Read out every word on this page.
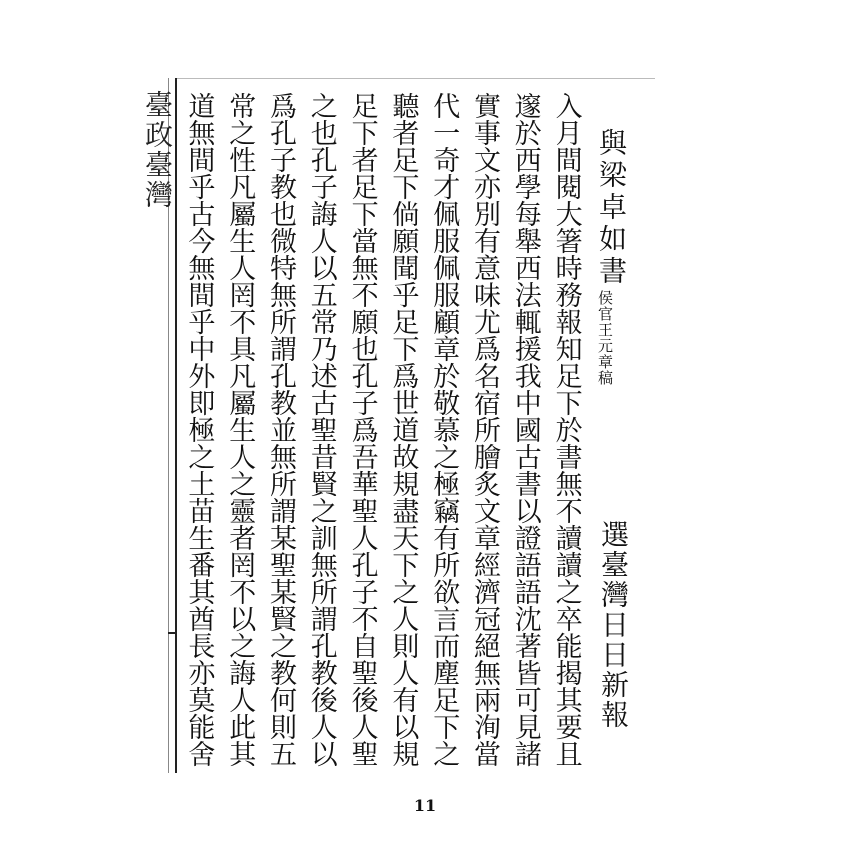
臺政臺灣	與梁卓如書
侯官王元章稿
選臺灣日日新報
入月間閱大箸時務報知足下於書無不讀讀之卒能揭其要且
邃於西學每舉西法輒援我中國古書以證語語沈著皆可見諸
實事文亦別有意味尤爲名宿所膾炙文章經濟冠絕無兩洵當
代一奇才佩服佩服顧章於敬慕之極竊有所欲言而塵足下之
聽者足下倘願聞乎足下爲世道故規盡天下之人則人有以規
足下者足下當無不願也孔子爲吾華聖人孔子不自聖後人聖
之也孔子誨人以五常乃述古聖昔賢之訓無所謂孔教後人以
爲孔子教也微特無所謂孔教並無所謂某聖某賢之教何則五
常之性凡屬生人罔不具凡屬生人之靈者罔不以之誨人此其
道無間乎古今無間乎中外即極之土苗生番其酋長亦莫能舍
11
